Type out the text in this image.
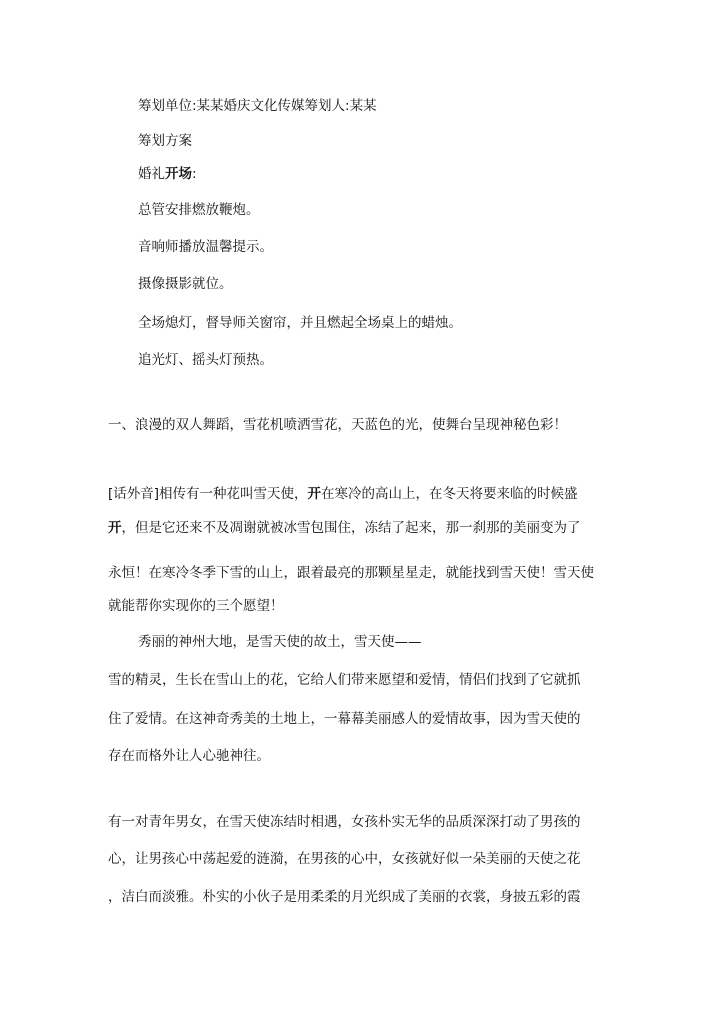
筹划单位:某某婚庆文化传媒筹划人:某某
筹划方案
婚礼开场:
总管安排燃放鞭炮。
音响师播放温馨提示。
摄像摄影就位。
全场熄灯，督导师关窗帘，并且燃起全场桌上的蜡烛。
追光灯、摇头灯预热。
一、浪漫的双人舞蹈，雪花机喷洒雪花，天蓝色的光，使舞台呈现神秘色彩！
[话外音]相传有一种花叫雪天使，开在寒冷的高山上，在冬天将要来临的时候盛
开，但是它还来不及凋谢就被冰雪包围住，冻结了起来，那一刹那的美丽变为了
永恒！在寒冷冬季下雪的山上，跟着最亮的那颗星星走，就能找到雪天使！雪天使
就能帮你实现你的三个愿望！
秀丽的神州大地，是雪天使的故土，雪天使——
雪的精灵，生长在雪山上的花，它给人们带来愿望和爱情，情侣们找到了它就抓
住了爱情。在这神奇秀美的土地上，一幕幕美丽感人的爱情故事，因为雪天使的
存在而格外让人心驰神往。
有一对青年男女，在雪天使冻结时相遇，女孩朴实无华的品质深深打动了男孩的
心，让男孩心中荡起爱的涟漪，在男孩的心中，女孩就好似一朵美丽的天使之花
，洁白而淡雅。朴实的小伙子是用柔柔的月光织成了美丽的衣裳，身披五彩的霞
